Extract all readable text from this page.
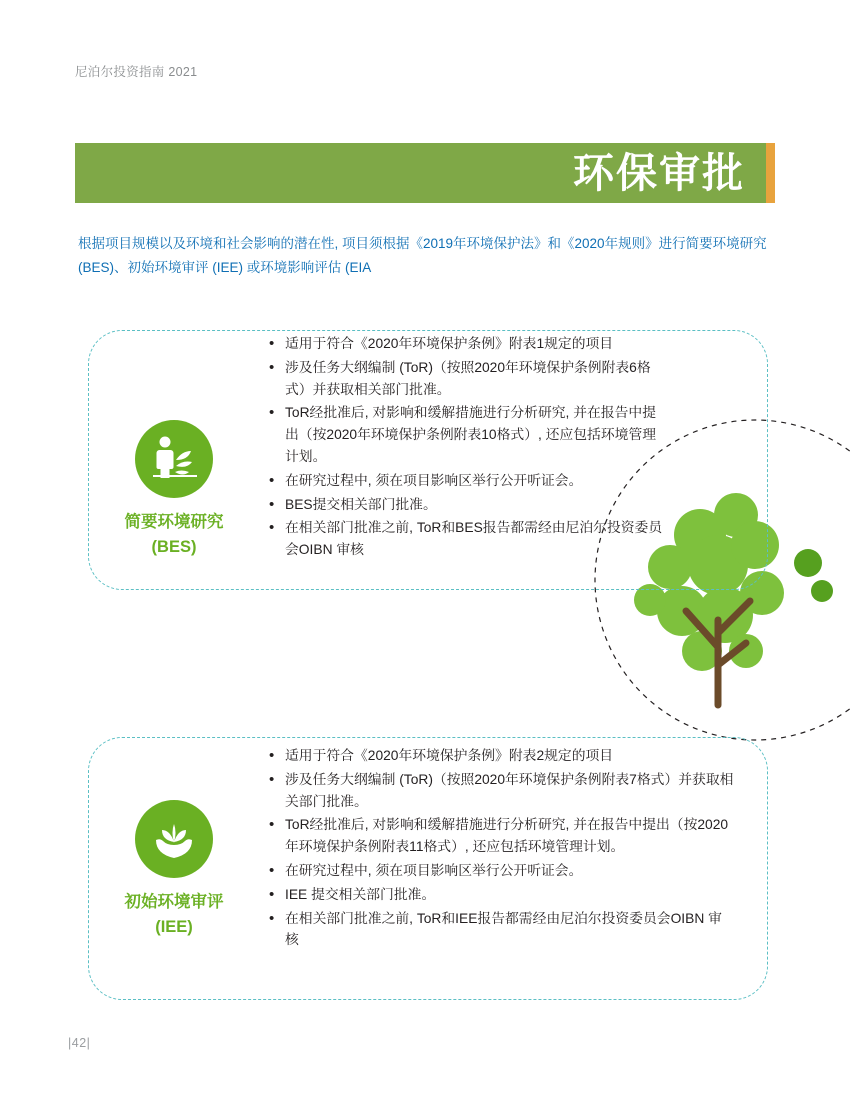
尼泊尔投资指南 2021
环保审批
根据项目规模以及环境和社会影响的潜在性, 项目须根据《2019年环境保护法》和《2020年规则》进行简要环境研究 (BES)、初始环境审评 (IEE) 或环境影响评估 (EIA
简要环境研究
(BES)
• 适用于符合《2020年环境保护条例》附表1规定的项目
• 涉及任务大纲编制 (ToR)（按照2020年环境保护条例附表6格式）并获取相关部门批准。
• ToR经批准后, 对影响和缓解措施进行分析研究, 并在报告中提出（按2020年环境保护条例附表10格式）, 还应包括环境管理计划。
• 在研究过程中, 须在项目影响区举行公开听证会。
• BES提交相关部门批准。
• 在相关部门批准之前, ToR和BES报告都需经由尼泊尔投资委员会OIBN 审核
初始环境审评
(IEE)
• 适用于符合《2020年环境保护条例》附表2规定的项目
• 涉及任务大纲编制 (ToR)（按照2020年环境保护条例附表7格式）并获取相关部门批准。
• ToR经批准后, 对影响和缓解措施进行分析研究, 并在报告中提出（按2020年环境保护条例附表11格式）, 还应包括环境管理计划。
• 在研究过程中, 须在项目影响区举行公开听证会。
• IEE 提交相关部门批准。
• 在相关部门批准之前, ToR和IEE报告都需经由尼泊尔投资委员会OIBN 审核
|42|
